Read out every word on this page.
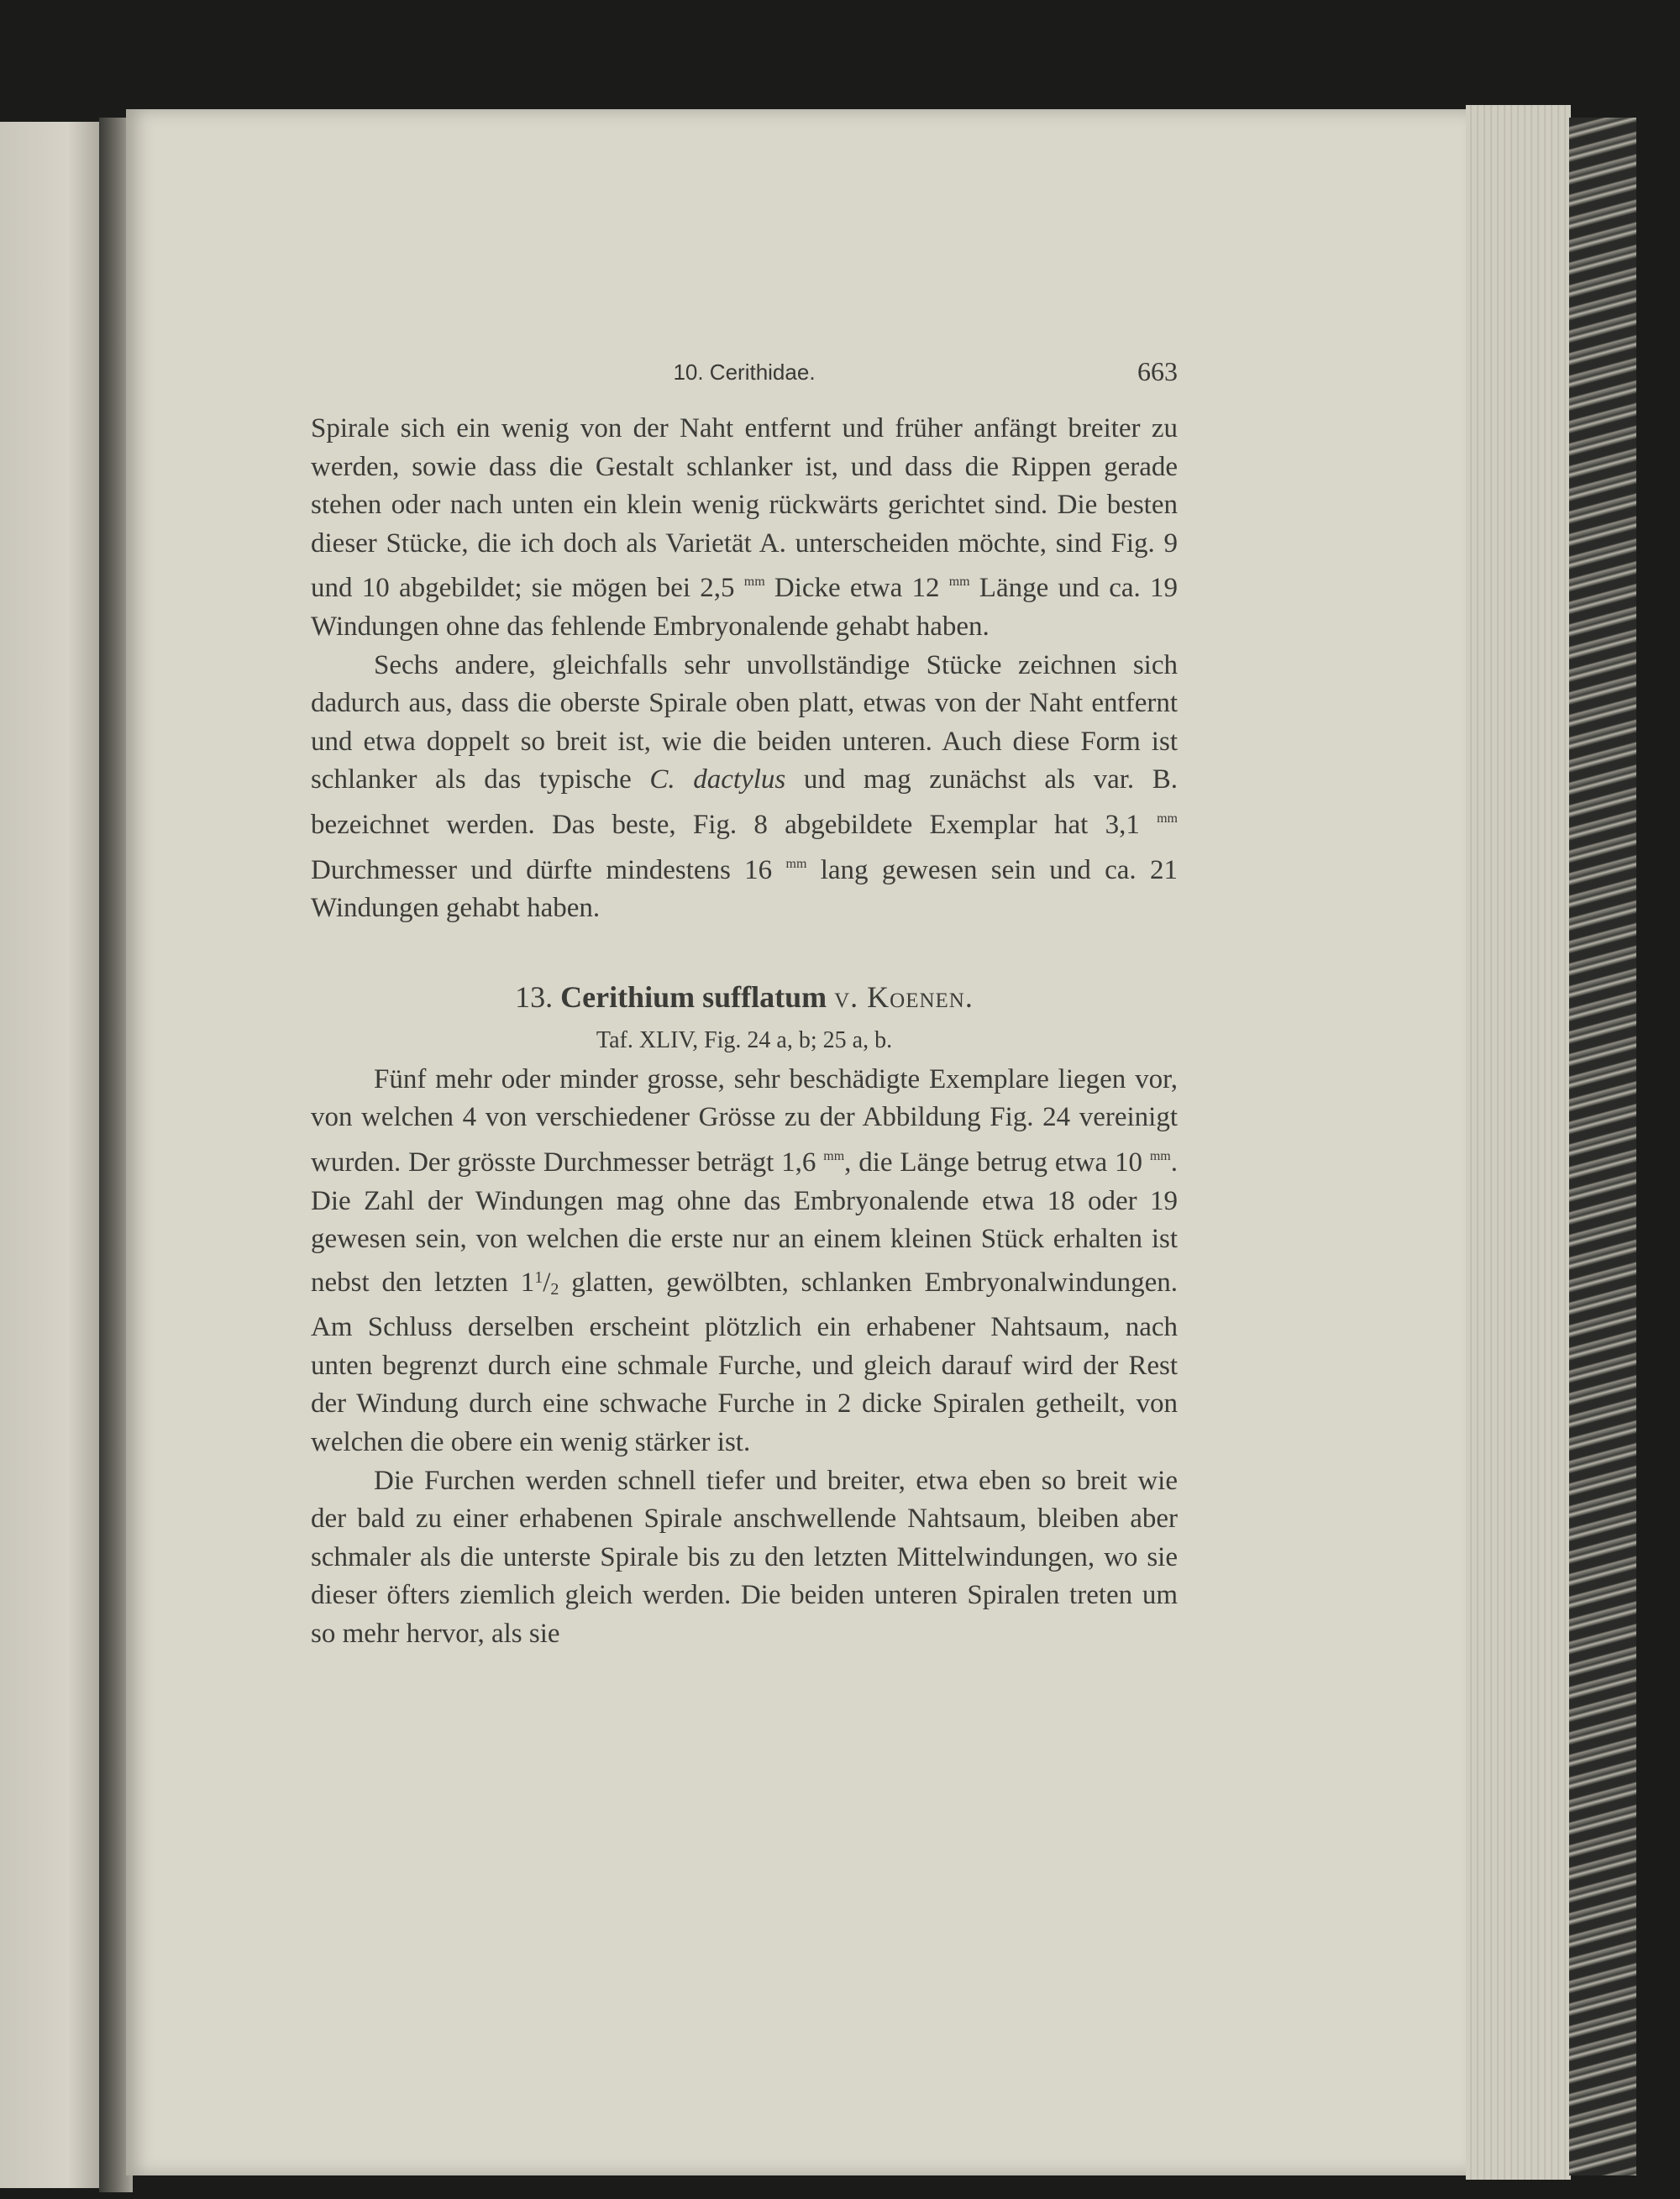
10. Cerithidae.	663

Spirale sich ein wenig von der Naht entfernt und früher anfängt breiter zu werden, sowie dass die Gestalt schlanker ist, und dass die Rippen gerade stehen oder nach unten ein klein wenig rückwärts gerichtet sind. Die besten dieser Stücke, die ich doch als Varietät A. unterscheiden möchte, sind Fig. 9 und 10 abgebildet; sie mögen bei 2,5 $^{mm}$ Dicke etwa 12 $^{mm}$ Länge und ca. 19 Windungen ohne das fehlende Embryonalende gehabt haben.

Sechs andere, gleichfalls sehr unvollständige Stücke zeichnen sich dadurch aus, dass die oberste Spirale oben platt, etwas von der Naht entfernt und etwa doppelt so breit ist, wie die beiden unteren. Auch diese Form ist schlanker als das typische C. dactylus und mag zunächst als var. B. bezeichnet werden. Das beste, Fig. 8 abgebildete Exemplar hat 3,1 $^{mm}$ Durchmesser und dürfte mindestens 16 $^{mm}$ lang gewesen sein und ca. 21 Windungen gehabt haben.

13. Cerithium sufflatum v. Koenen.
Taf. XLIV, Fig. 24 a, b; 25 a, b.

Fünf mehr oder minder grosse, sehr beschädigte Exemplare liegen vor, von welchen 4 von verschiedener Grösse zu der Abbildung Fig. 24 vereinigt wurden. Der grösste Durchmesser beträgt 1,6 $^{mm}$, die Länge betrug etwa 10 $^{mm}$. Die Zahl der Windungen mag ohne das Embryonalende etwa 18 oder 19 gewesen sein, von welchen die erste nur an einem kleinen Stück erhalten ist nebst den letzten $1^1/_2$ glatten, gewölbten, schlanken Embryonalwindungen. Am Schluss derselben erscheint plötzlich ein erhabener Nahtsaum, nach unten begrenzt durch eine schmale Furche, und gleich darauf wird der Rest der Windung durch eine schwache Furche in 2 dicke Spiralen getheilt, von welchen die obere ein wenig stärker ist.

Die Furchen werden schnell tiefer und breiter, etwa eben so breit wie der bald zu einer erhabenen Spirale anschwellende Nahtsaum, bleiben aber schmaler als die unterste Spirale bis zu den letzten Mittelwindungen, wo sie dieser öfters ziemlich gleich werden. Die beiden unteren Spiralen treten um so mehr hervor, als sie
